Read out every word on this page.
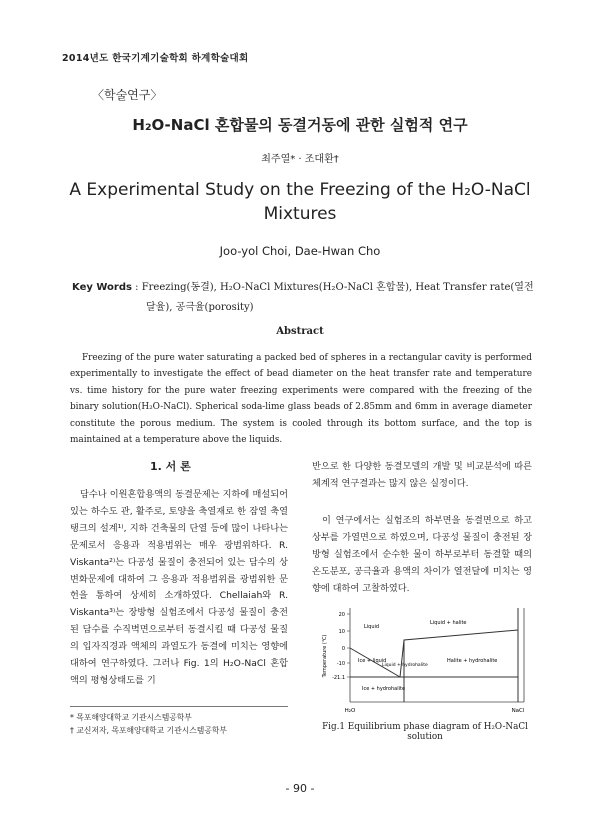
2014년도 한국기계기술학회 하계학술대회
〈학술연구〉
H₂O-NaCl 혼합물의 동결거동에 관한 실험적 연구
최주열* · 조대환†
A Experimental Study on the Freezing of the H₂O-NaCl Mixtures
Joo-yol Choi, Dae-Hwan Cho
Key Words : Freezing(동결), H₂O-NaCl Mixtures(H₂O-NaCl 혼합물), Heat Transfer rate(열전
달율), 공극율(porosity)
Abstract
Freezing of the pure water saturating a packed bed of spheres in a rectangular cavity is performed experimentally to investigate the effect of bead diameter on the heat transfer rate and temperature vs. time history for the pure water freezing experiments were compared with the freezing of the binary solution(H₂O-NaCl). Spherical soda-lime glass beads of 2.85mm and 6mm in average diameter constitute the porous medium. The system is cooled through its bottom surface, and the top is maintained at a temperature above the liquids.
1. 서 론
담수나 이원혼합용액의 동결문제는 지하에 매설되어 있는 하수도 관, 활주로, 토양을 축열재로 한 잠열 축열탱크의 설계¹⁾, 지하 건축물의 단열 등에 많이 나타나는 문제로서 응용과 적용범위는 매우 광범위하다. R. Viskanta²⁾는 다공성 물질이 충전되어 있는 담수의 상변화문제에 대하여 그 응용과 적용범위를 광범위한 문헌을 통하여 상세히 소개하였다. Chellaiah와 R. Viskanta³⁾는 장방형 실험조에서 다공성 물질이 충전된 담수를 수직벽면으로부터 동결시킬 때 다공성 물질의 입자직경과 액체의 과열도가 동결에 미치는 영향에 대하여 연구하였다. 그러나 Fig. 1의 H₂O-NaCl 혼합액의 평형상태도를 기
반으로 한 다양한 동결모델의 개발 및 비교분석에 따른 체계적 연구결과는 많지 않은 실정이다.
이 연구에서는 실험조의 하부면을 동결면으로 하고 상부를 가열면으로 하였으며, 다공성 물질이 충전된 장방형 실험조에서 순수한 물이 하부로부터 동결할 때의 온도분포, 공극율과 용액의 차이가 열전달에 미치는 영향에 대하여 고찰하였다.
* 목포해양대학교 기관시스템공학부
† 교신저자, 목포해양대학교 기관시스템공학부
20
10
0
-10
-21.1
Temperature (℃)
Liquid
Liquid + halite
Ice + liquid
Liquid + hydrohalite
Halite + hydrohalite
Ice + hydrohalite
H₂O	NaCl
Fig.1 Equilibrium phase diagram of H₂O-NaCl solution
- 90 -
